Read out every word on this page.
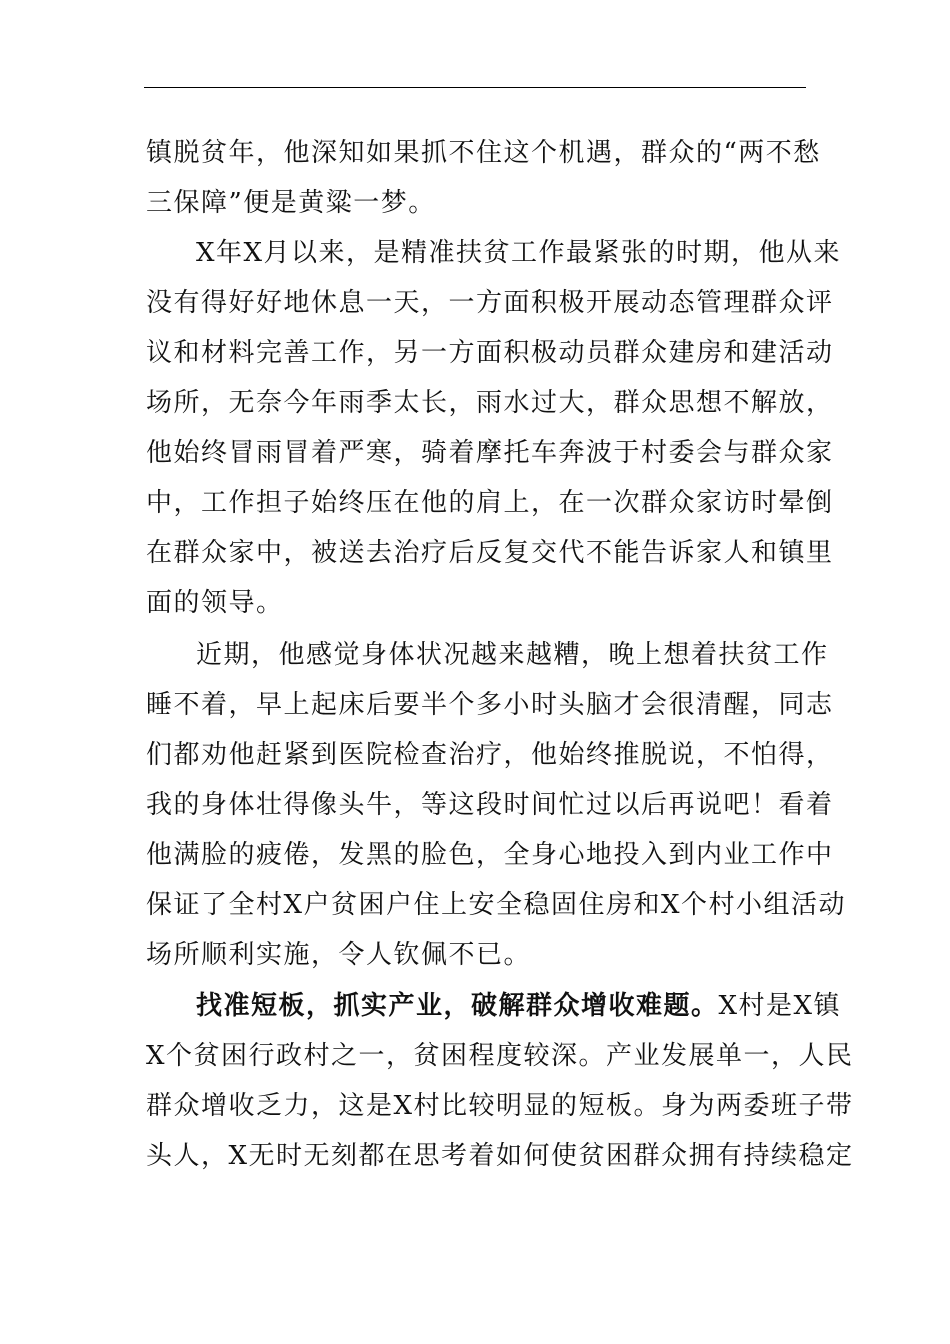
镇脱贫年，他深知如果抓不住这个机遇，群众的“两不愁
三保障”便是黄粱一梦。
X年X月以来，是精准扶贫工作最紧张的时期，他从来
没有得好好地休息一天，一方面积极开展动态管理群众评
议和材料完善工作，另一方面积极动员群众建房和建活动
场所，无奈今年雨季太长，雨水过大，群众思想不解放，
他始终冒雨冒着严寒，骑着摩托车奔波于村委会与群众家
中，工作担子始终压在他的肩上，在一次群众家访时晕倒
在群众家中，被送去治疗后反复交代不能告诉家人和镇里
面的领导。
近期，他感觉身体状况越来越糟，晚上想着扶贫工作
睡不着，早上起床后要半个多小时头脑才会很清醒，同志
们都劝他赶紧到医院检查治疗，他始终推脱说，不怕得，
我的身体壮得像头牛，等这段时间忙过以后再说吧！看着
他满脸的疲倦，发黑的脸色，全身心地投入到内业工作中
保证了全村X户贫困户住上安全稳固住房和X个村小组活动
场所顺利实施，令人钦佩不已。
找准短板，抓实产业，破解群众增收难题。X村是X镇
X个贫困行政村之一，贫困程度较深。产业发展单一，人民
群众增收乏力，这是X村比较明显的短板。身为两委班子带
头人，X无时无刻都在思考着如何使贫困群众拥有持续稳定
